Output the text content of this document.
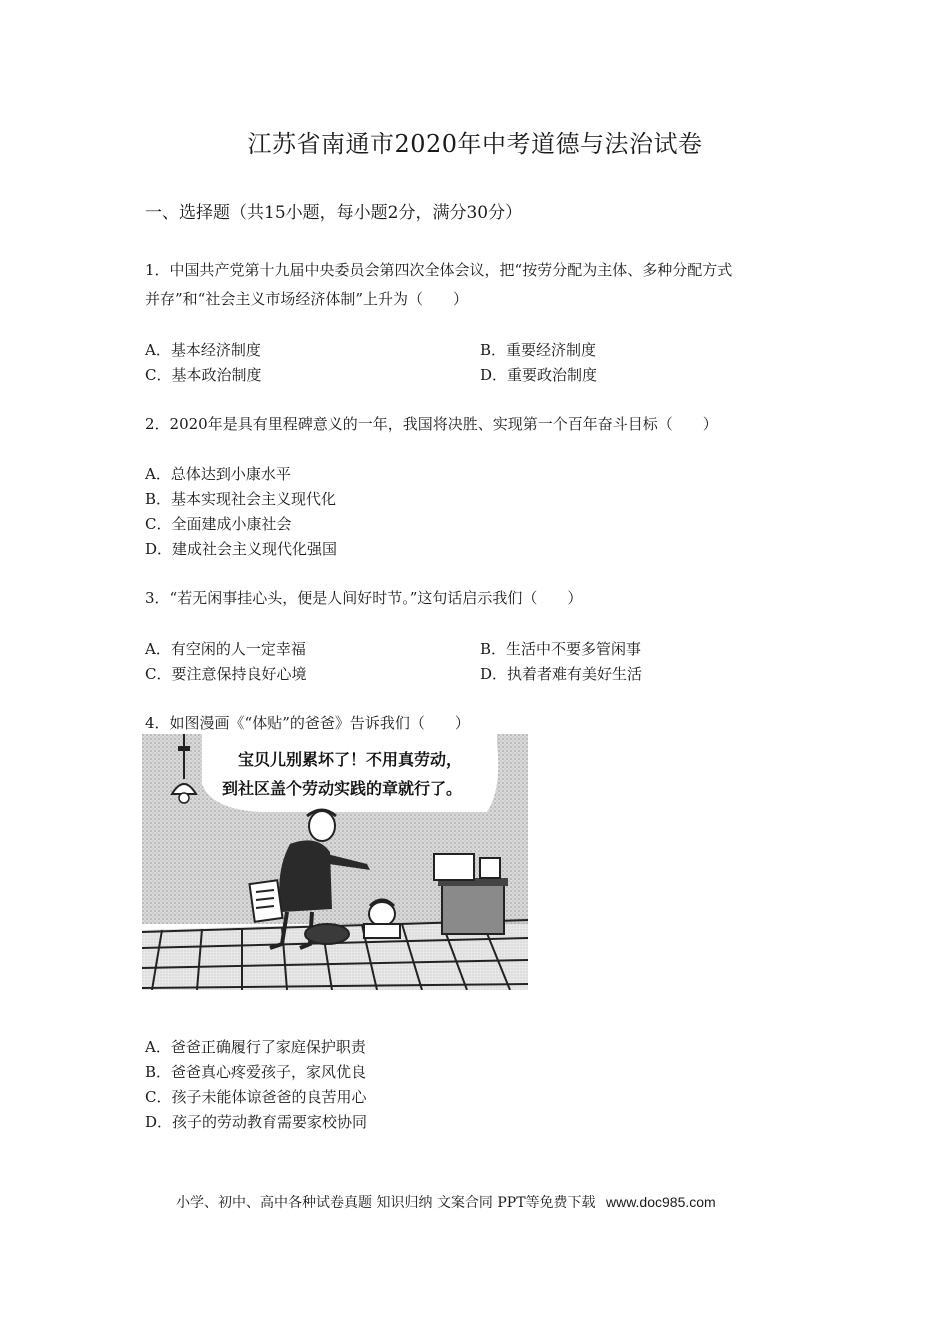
江苏省南通市2020年中考道德与法治试卷
一、选择题（共15小题，每小题2分，满分30分）
1．中国共产党第十九届中央委员会第四次全体会议，把“按劳分配为主体、多种分配方式
并存”和“社会主义市场经济体制”上升为（　　）
A．基本经济制度	B．重要经济制度
C．基本政治制度	D．重要政治制度
2．2020年是具有里程碑意义的一年，我国将决胜、实现第一个百年奋斗目标（　　）
A．总体达到小康水平
B．基本实现社会主义现代化
C．全面建成小康社会
D．建成社会主义现代化强国
3．“若无闲事挂心头，便是人间好时节。”这句话启示我们（　　）
A．有空闲的人一定幸福	B．生活中不要多管闲事
C．要注意保持良好心境	D．执着者难有美好生活
4．如图漫画《“体贴”的爸爸》告诉我们（　　）
宝贝儿别累坏了！不用真劳动，
到社区盖个劳动实践的章就行了。
A．爸爸正确履行了家庭保护职责
B．爸爸真心疼爱孩子，家风优良
C．孩子未能体谅爸爸的良苦用心
D．孩子的劳动教育需要家校协同
小学、初中、高中各种试卷真题 知识归纳 文案合同 PPT等免费下载 www.doc985.com
